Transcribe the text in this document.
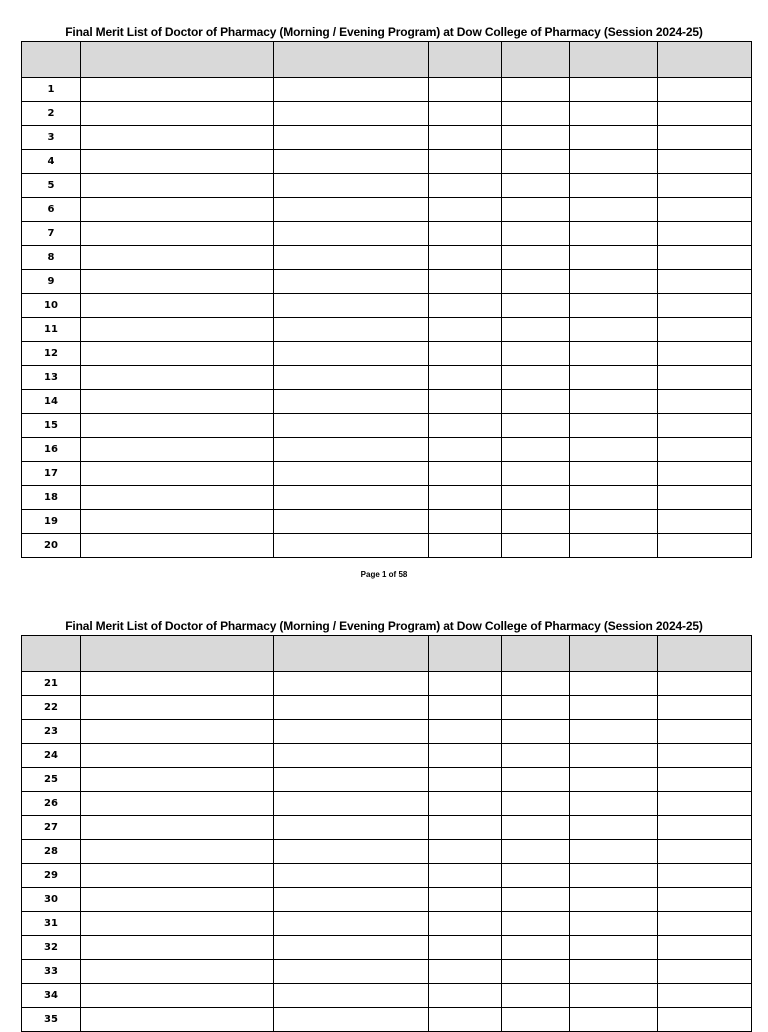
Final Merit List of Doctor of Pharmacy (Morning / Evening Program) at Dow College of Pharmacy (Session 2024-25)

1						
2						
3						
4						
5						
6						
7						
8						
9						
10						
11						
12						
13						
14						
15						
16						
17						
18						
19						
20						
Page 1 of 58
Final Merit List of Doctor of Pharmacy (Morning / Evening Program) at Dow College of Pharmacy (Session 2024-25)

21						
22						
23						
24						
25						
26						
27						
28						
29						
30						
31						
32						
33						
34						
35						
